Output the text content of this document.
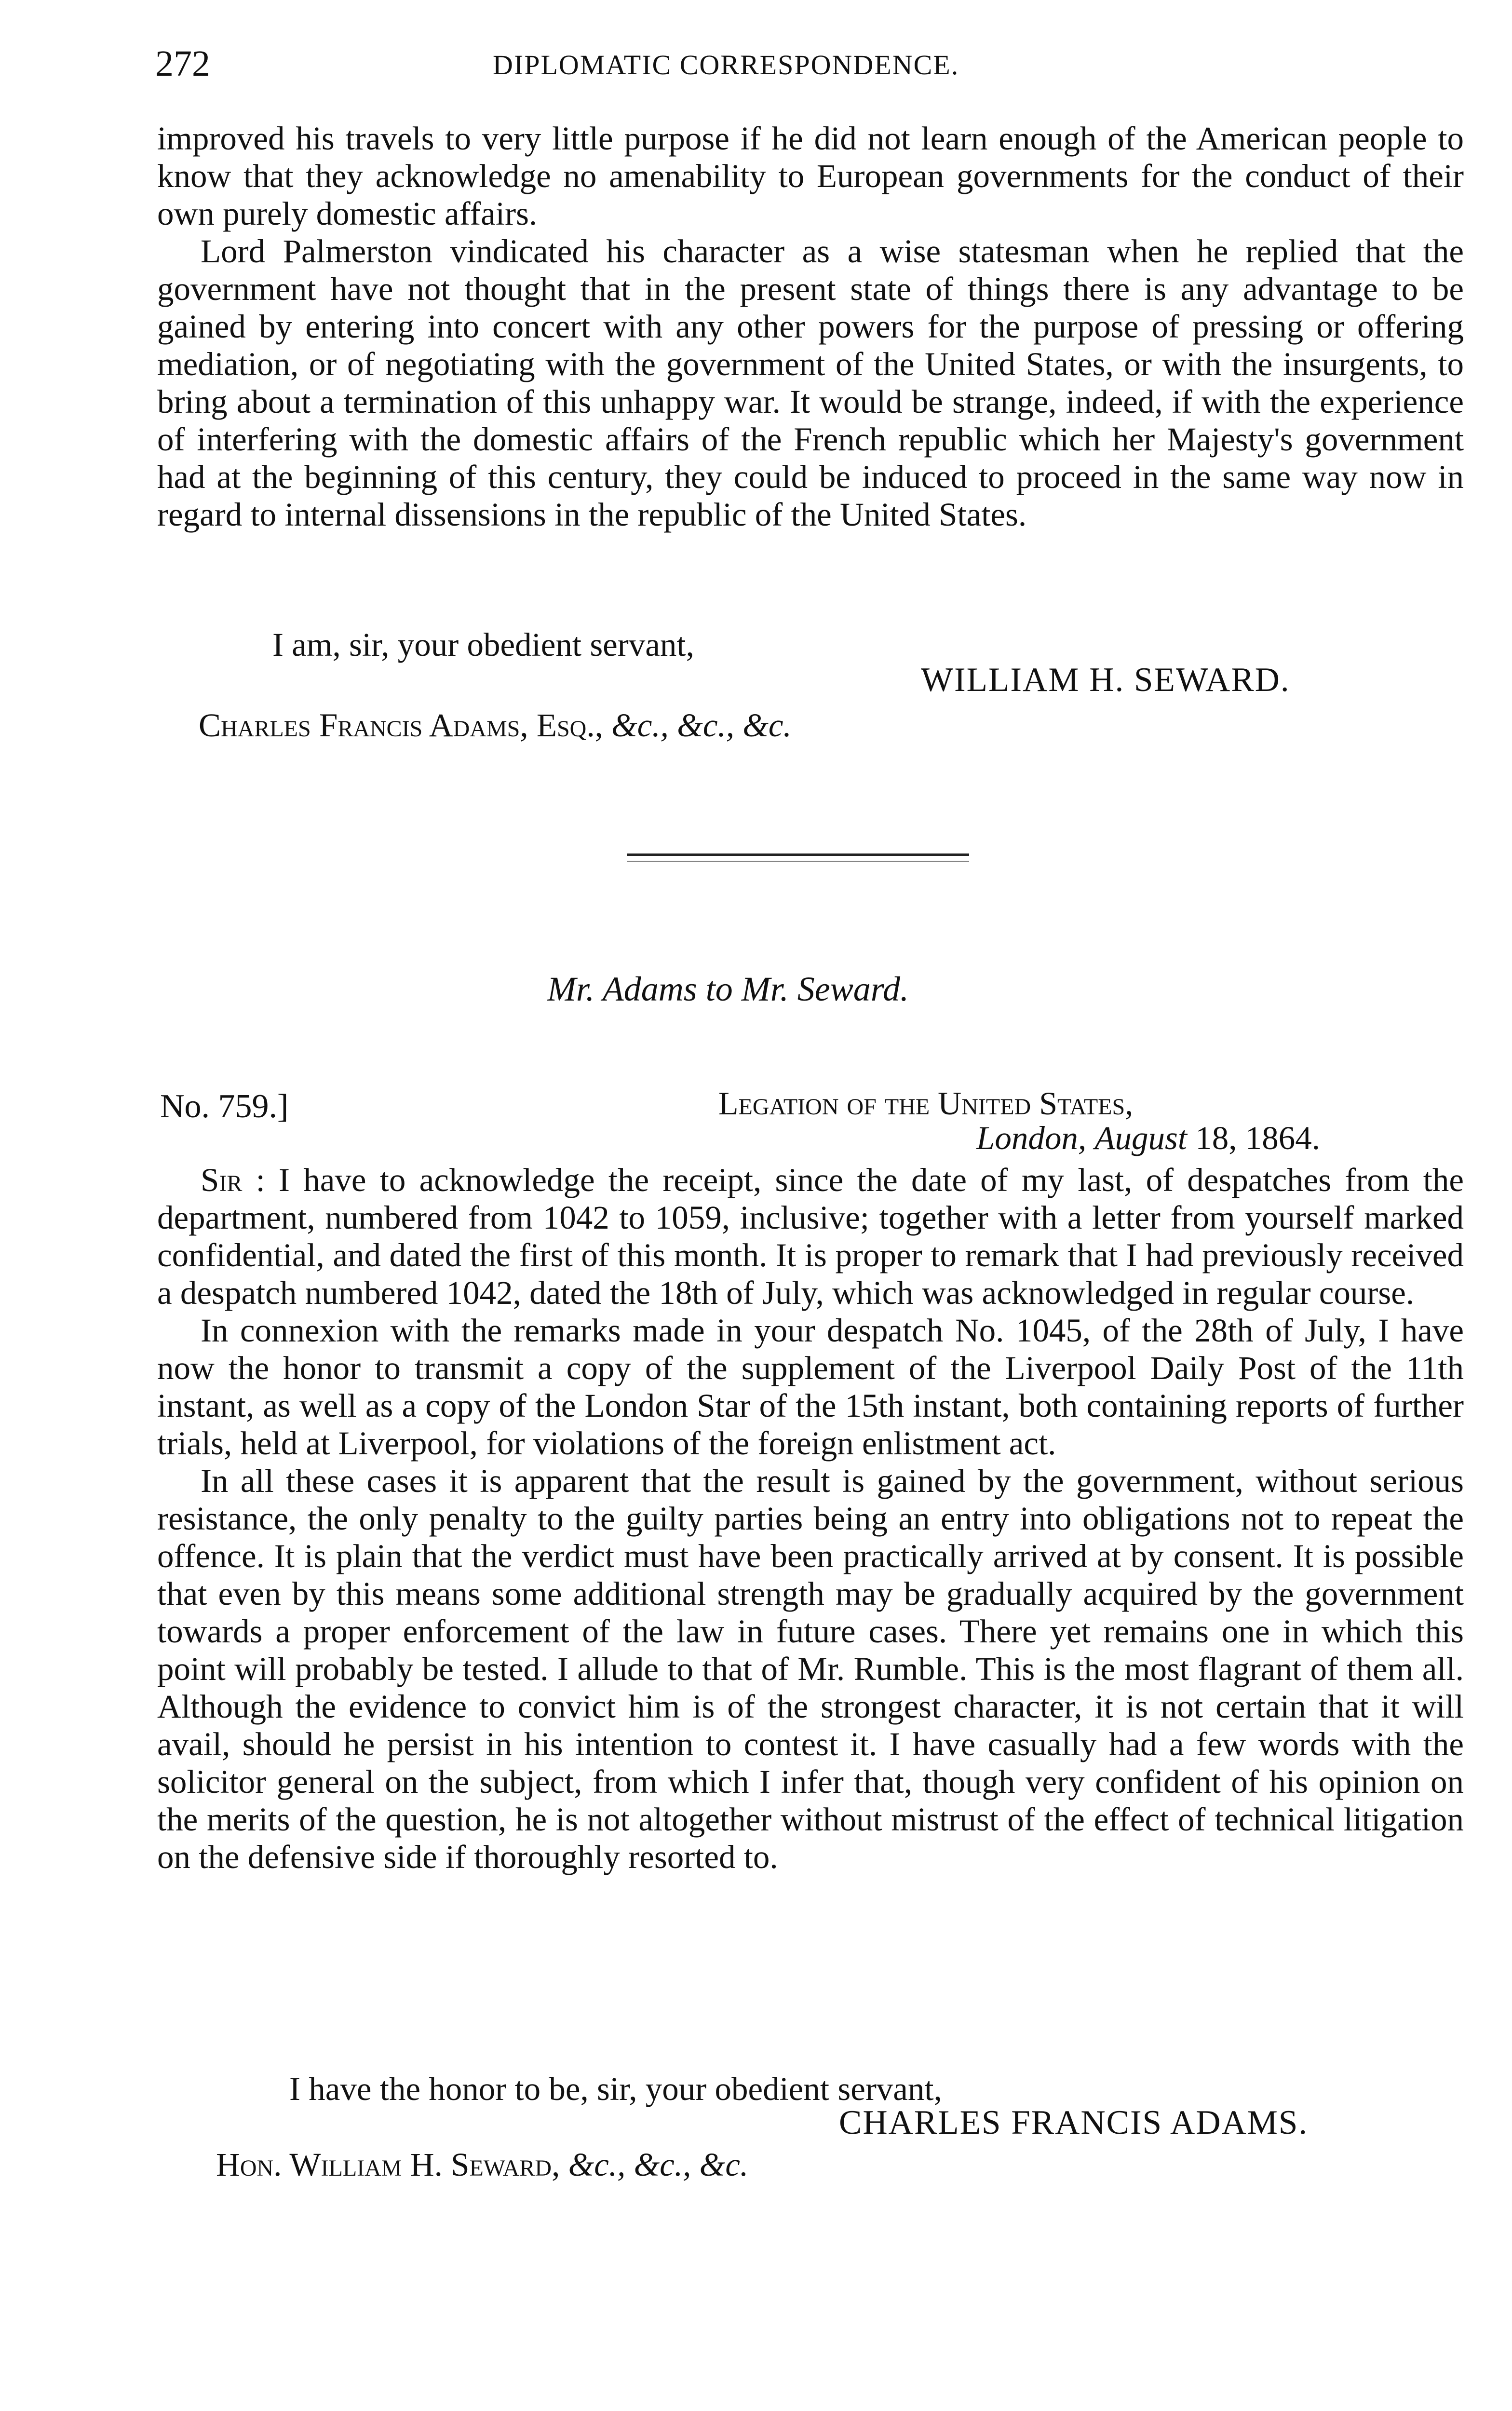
272	DIPLOMATIC CORRESPONDENCE.

improved his travels to very little purpose if he did not learn enough of the American people to know that they acknowledge no amenability to European governments for the conduct of their own purely domestic affairs.

Lord Palmerston vindicated his character as a wise statesman when he replied that the government have not thought that in the present state of things there is any advantage to be gained by entering into concert with any other powers for the purpose of pressing or offering mediation, or of negotiating with the government of the United States, or with the insurgents, to bring about a termination of this unhappy war. It would be strange, indeed, if with the experience of interfering with the domestic affairs of the French republic which her Majesty's government had at the beginning of this century, they could be induced to proceed in the same way now in regard to internal dissensions in the republic of the United States.

I am, sir, your obedient servant,
WILLIAM H. SEWARD.
Charles Francis Adams, Esq., &c., &c., &c.
Mr. Adams to Mr. Seward.
No. 759.]	Legation of the United States,
London, August 18, 1864.

Sir : I have to acknowledge the receipt, since the date of my last, of despatches from the department, numbered from 1042 to 1059, inclusive; together with a letter from yourself marked confidential, and dated the first of this month. It is proper to remark that I had previously received a despatch numbered 1042, dated the 18th of July, which was acknowledged in regular course.

In connexion with the remarks made in your despatch No. 1045, of the 28th of July, I have now the honor to transmit a copy of the supplement of the Liverpool Daily Post of the 11th instant, as well as a copy of the London Star of the 15th instant, both containing reports of further trials, held at Liverpool, for violations of the foreign enlistment act.

In all these cases it is apparent that the result is gained by the government, without serious resistance, the only penalty to the guilty parties being an entry into obligations not to repeat the offence. It is plain that the verdict must have been practically arrived at by consent. It is possible that even by this means some additional strength may be gradually acquired by the government towards a proper enforcement of the law in future cases. There yet remains one in which this point will probably be tested. I allude to that of Mr. Rumble. This is the most flagrant of them all. Although the evidence to convict him is of the strongest character, it is not certain that it will avail, should he persist in his intention to contest it. I have casually had a few words with the solicitor general on the subject, from which I infer that, though very confident of his opinion on the merits of the question, he is not altogether without mistrust of the effect of technical litigation on the defensive side if thoroughly resorted to.

I have the honor to be, sir, your obedient servant,
CHARLES FRANCIS ADAMS.
Hon. William H. Seward, &c., &c., &c.
